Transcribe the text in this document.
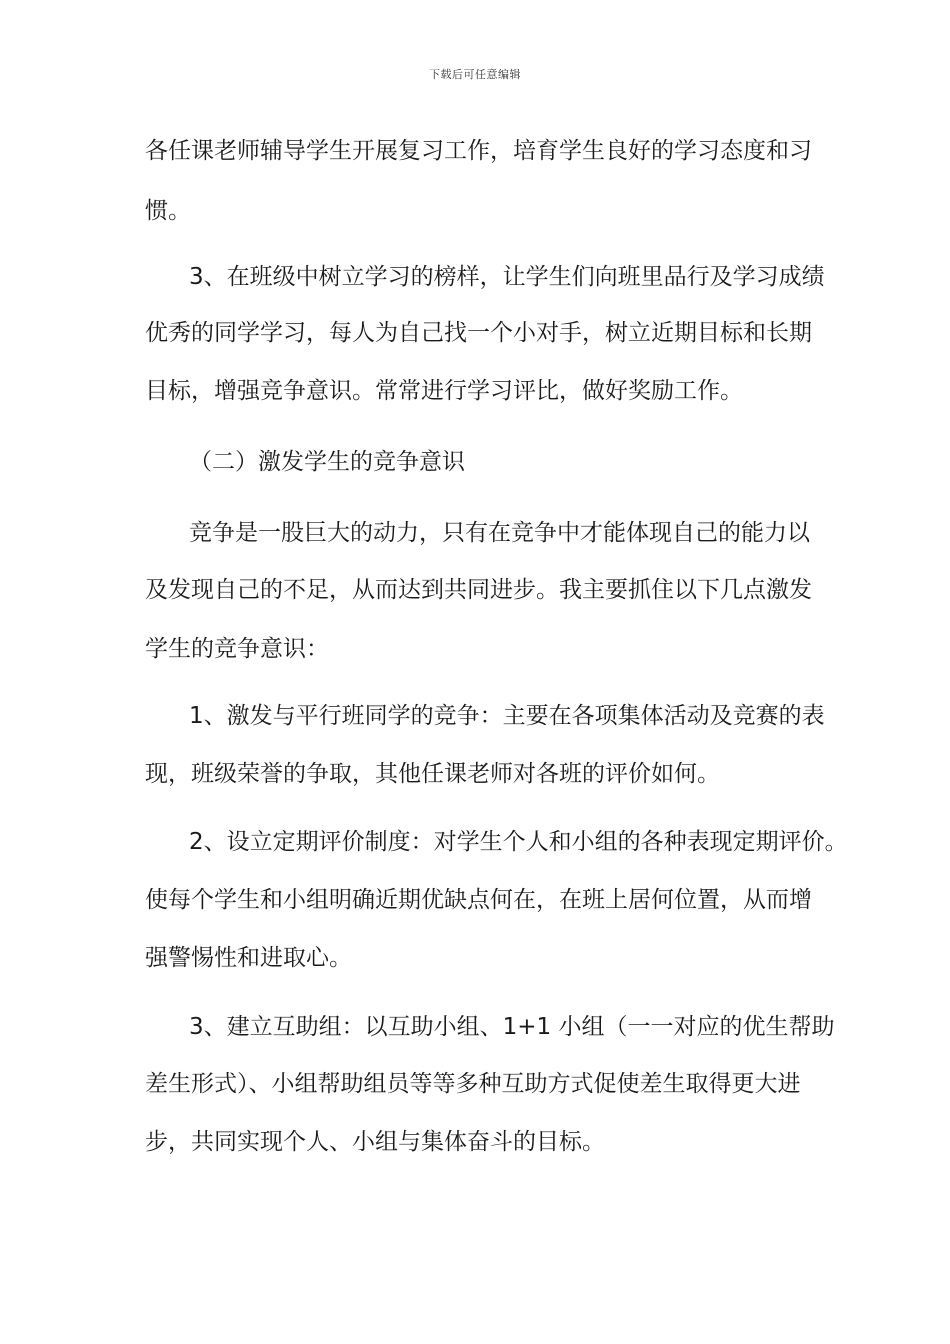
下载后可任意编辑
各任课老师辅导学生开展复习工作，培育学生良好的学习态度和习
惯。
3、在班级中树立学习的榜样，让学生们向班里品行及学习成绩
优秀的同学学习，每人为自己找一个小对手，树立近期目标和长期
目标，增强竞争意识。常常进行学习评比，做好奖励工作。
（二）激发学生的竞争意识
竞争是一股巨大的动力，只有在竞争中才能体现自己的能力以
及发现自己的不足，从而达到共同进步。我主要抓住以下几点激发
学生的竞争意识：
1、激发与平行班同学的竞争：主要在各项集体活动及竞赛的表
现，班级荣誉的争取，其他任课老师对各班的评价如何。
2、设立定期评价制度：对学生个人和小组的各种表现定期评价。
使每个学生和小组明确近期优缺点何在，在班上居何位置，从而增
强警惕性和进取心。
3、建立互助组：以互助小组、1+1 小组（一一对应的优生帮助
差生形式）、小组帮助组员等等多种互助方式促使差生取得更大进
步，共同实现个人、小组与集体奋斗的目标。
